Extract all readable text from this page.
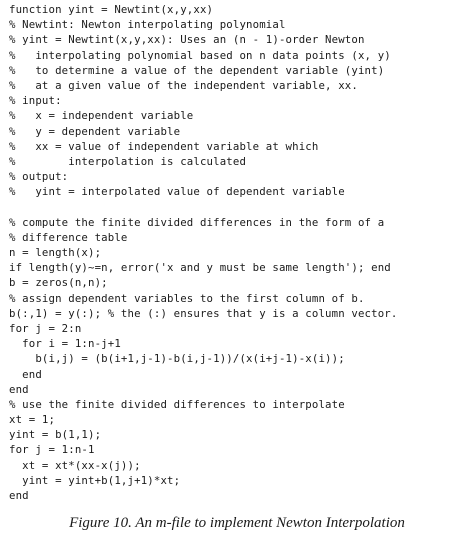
function yint = Newtint(x,y,xx)
% Newtint: Newton interpolating polynomial
% yint = Newtint(x,y,xx): Uses an (n - 1)-order Newton
%   interpolating polynomial based on n data points (x, y)
%   to determine a value of the dependent variable (yint)
%   at a given value of the independent variable, xx.
% input:
%   x = independent variable
%   y = dependent variable
%   xx = value of independent variable at which
%        interpolation is calculated
% output:
%   yint = interpolated value of dependent variable
% compute the finite divided differences in the form of a
% difference table
n = length(x);
if length(y)~=n, error('x and y must be same length'); end
b = zeros(n,n);
% assign dependent variables to the first column of b.
b(:,1) = y(:); % the (:) ensures that y is a column vector.
for j = 2:n
for i = 1:n-j+1
b(i,j) = (b(i+1,j-1)-b(i,j-1))/(x(i+j-1)-x(i));
end
end
% use the finite divided differences to interpolate
xt = 1;
yint = b(1,1);
for j = 1:n-1
xt = xt*(xx-x(j));
yint = yint+b(1,j+1)*xt;
end
Figure 10. An m-file to implement Newton Interpolation
